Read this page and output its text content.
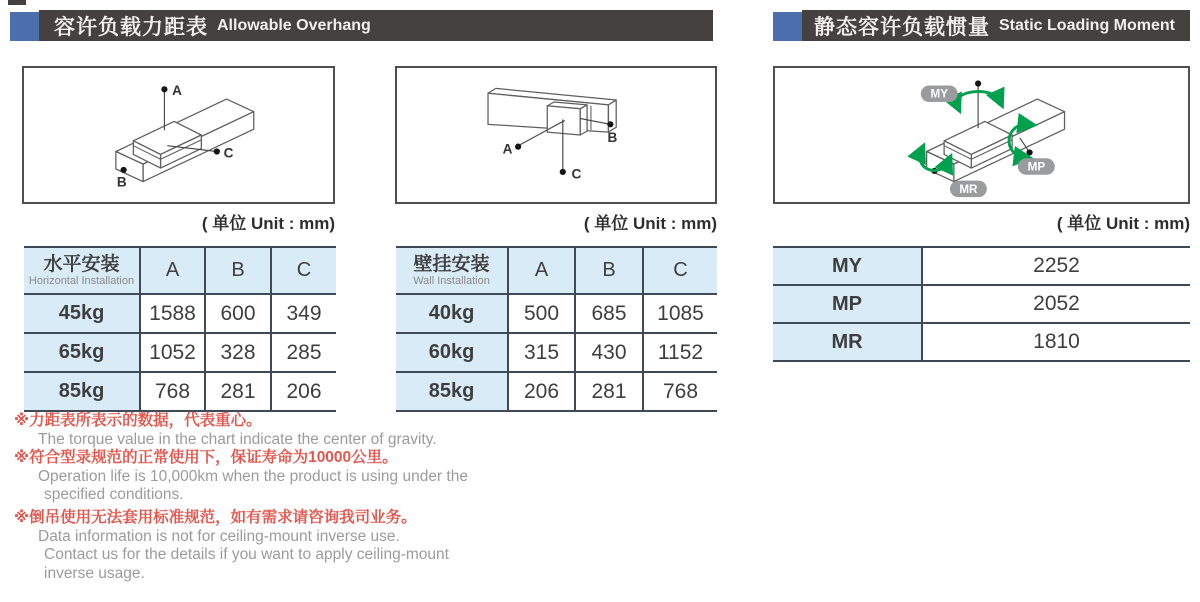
容许负载力距表 Allowable Overhang	静态容许负载惯量 Static Loading Moment
A
C
B
( 单位 Unit : mm)
A
B
C
( 单位 Unit : mm)
MY
MP
MR
( 单位 Unit : mm)
水平安装
Horizontal Installation	A	B	C
45kg	1588	600	349
65kg	1052	328	285
85kg	768	281	206
壁挂安装
Wall Installation	A	B	C
40kg	500	685	1085
60kg	315	430	1152
85kg	206	281	768
MY	2252
MP	2052
MR	1810
※力距表所表示的数据，代表重心。
The torque value in the chart indicate the center of gravity.
※符合型录规范的正常使用下，保证寿命为10000公里。
Operation life is 10,000km when the product is using under the
specified conditions.
※倒吊使用无法套用标准规范，如有需求请咨询我司业务。
Data information is not for ceiling-mount inverse use.
Contact us for the details if you want to apply ceiling-mount
inverse usage.
